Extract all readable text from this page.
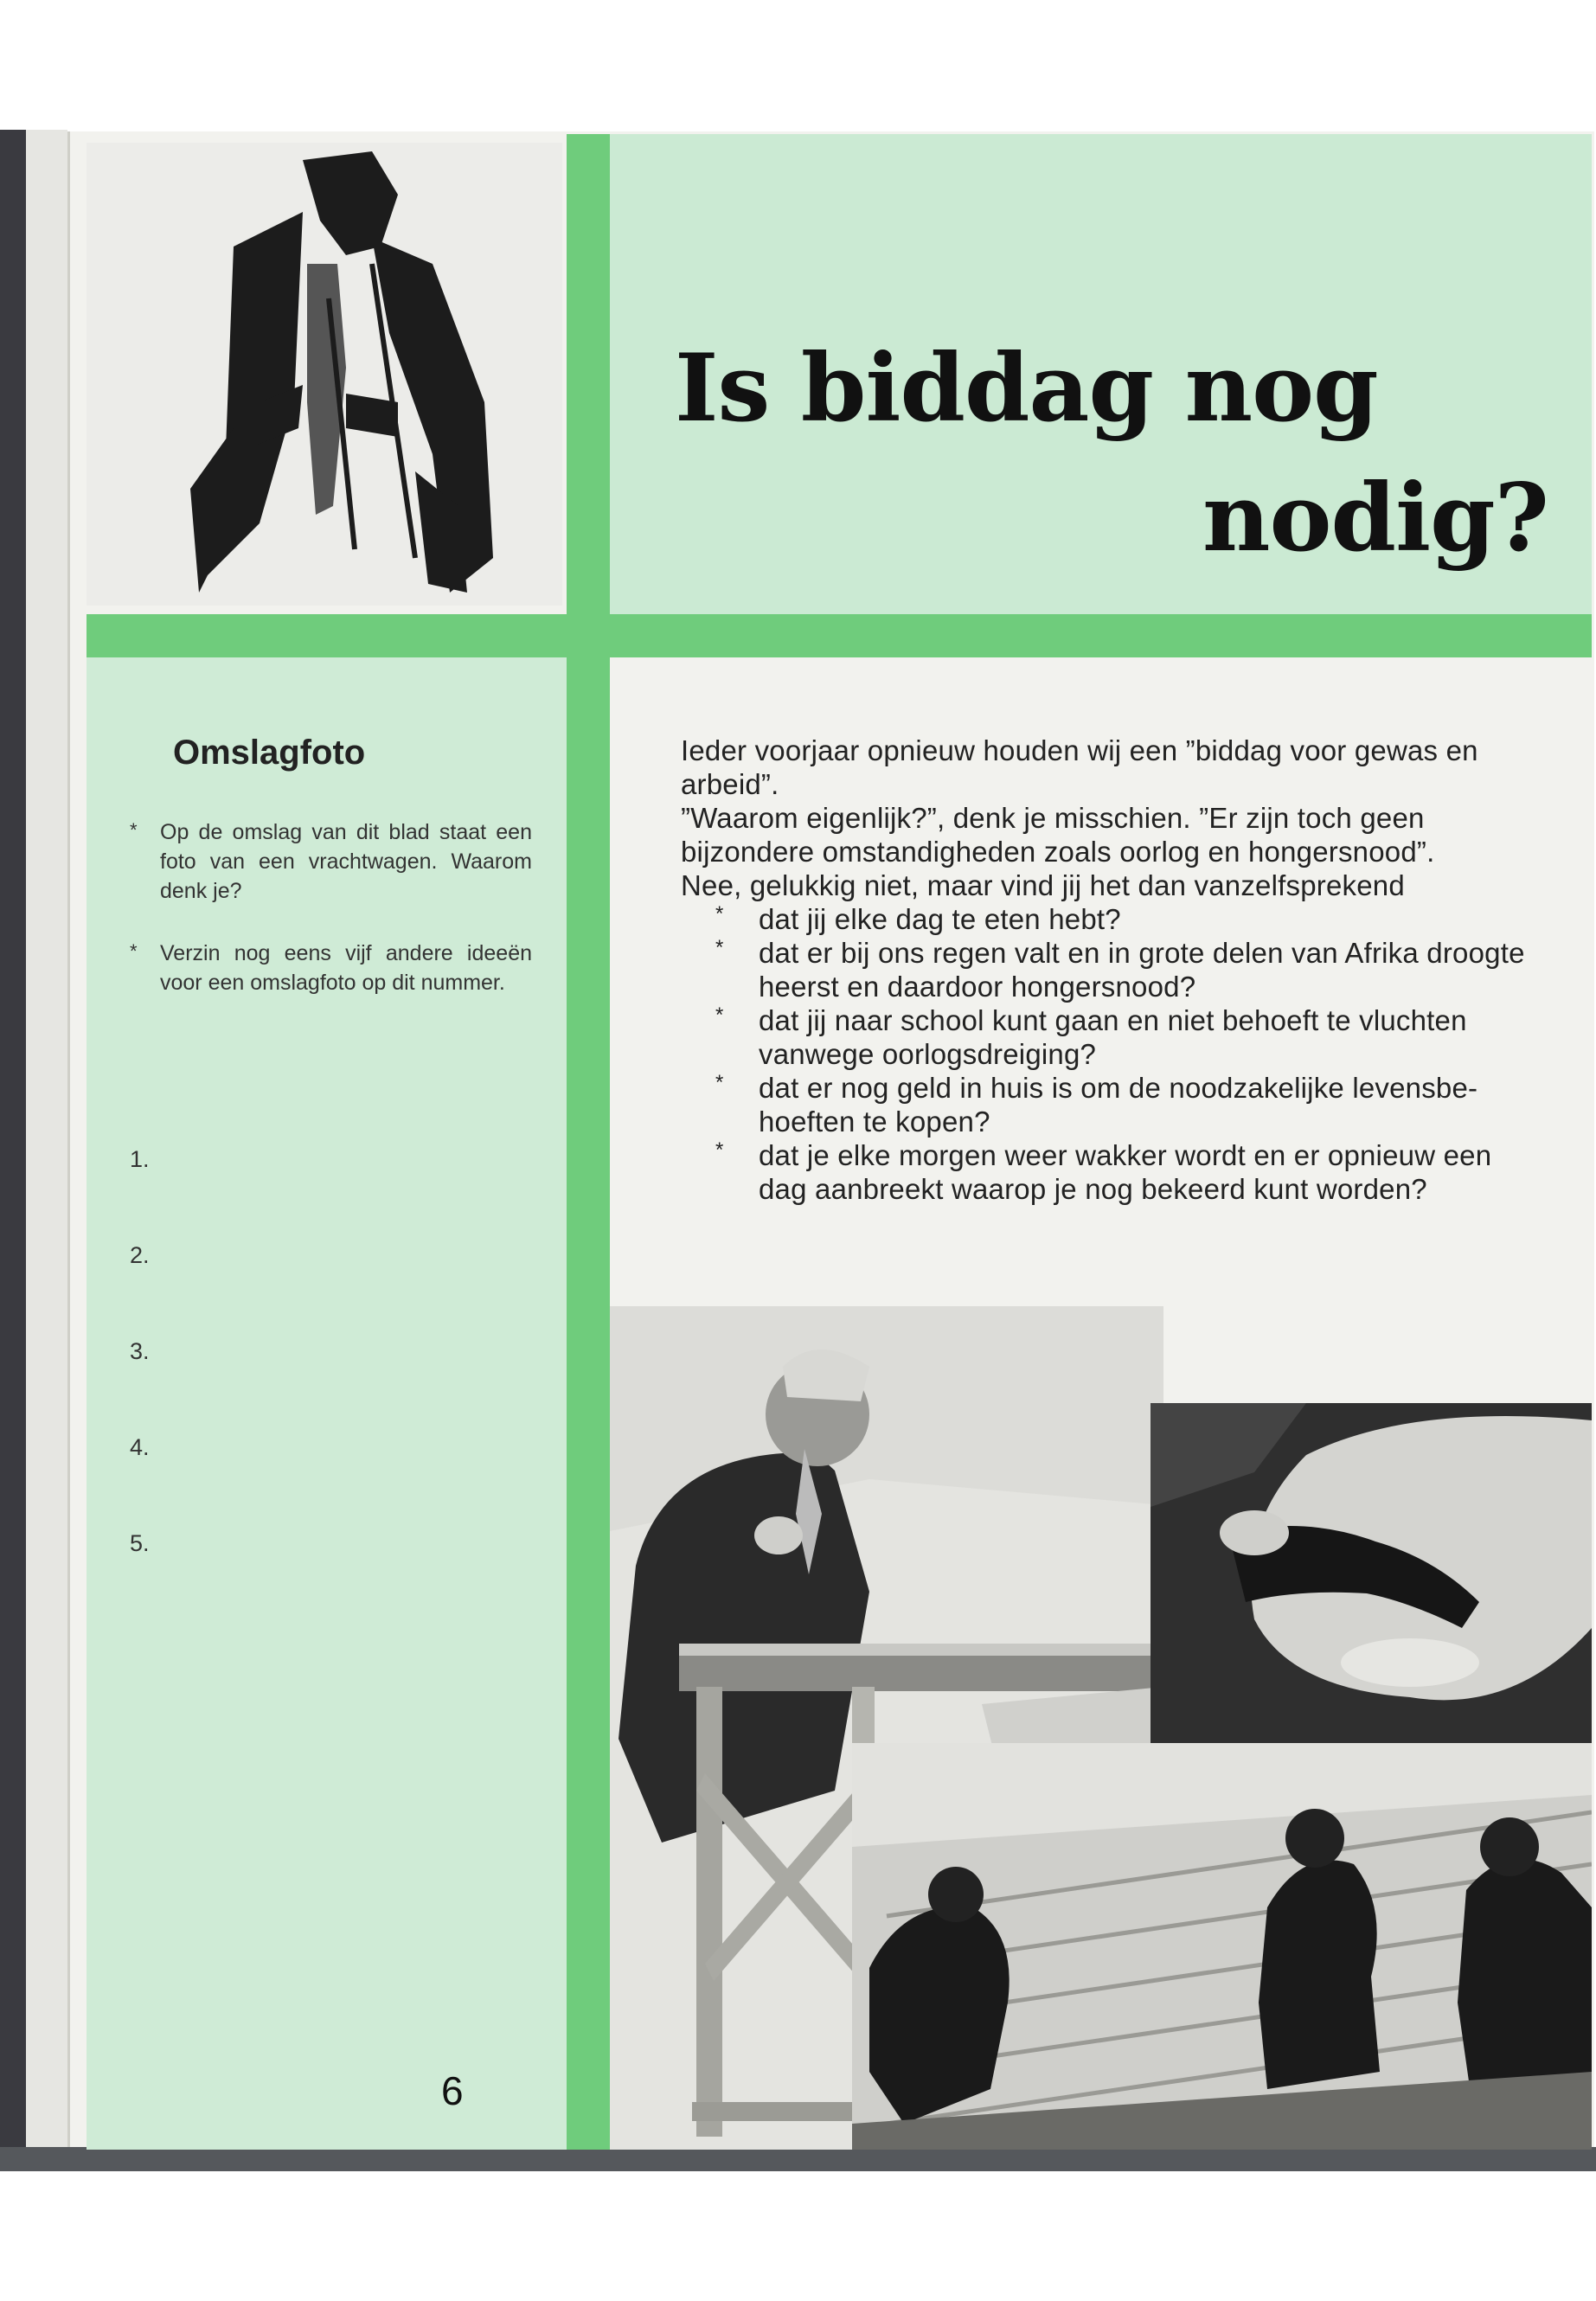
Is biddag nog
nodig?
Omslagfoto
* Op de omslag van dit blad staat een foto van een vrachtwagen. Waarom denk je?
* Verzin nog eens vijf andere ideeën voor een omslagfoto op dit nummer.
1.
2.
3.
4.
5.
6

Ieder voorjaar opnieuw houden wij een ”biddag voor gewas en arbeid”.

”Waarom eigenlijk?”, denk je misschien. ”Er zijn toch geen bijzondere omstandigheden zoals oorlog en hongersnood”.

Nee, gelukkig niet, maar vind jij het dan vanzelfsprekend

* dat jij elke dag te eten hebt?
* dat er bij ons regen valt en in grote delen van Afrika droogte heerst en daardoor hongersnood?
* dat jij naar school kunt gaan en niet behoeft te vluchten vanwege oorlogsdreiging?
* dat er nog geld in huis is om de noodzakelijke levensbehoeften te kopen?
* dat je elke morgen weer wakker wordt en er opnieuw een dag aanbreekt waarop je nog bekeerd kunt worden?
